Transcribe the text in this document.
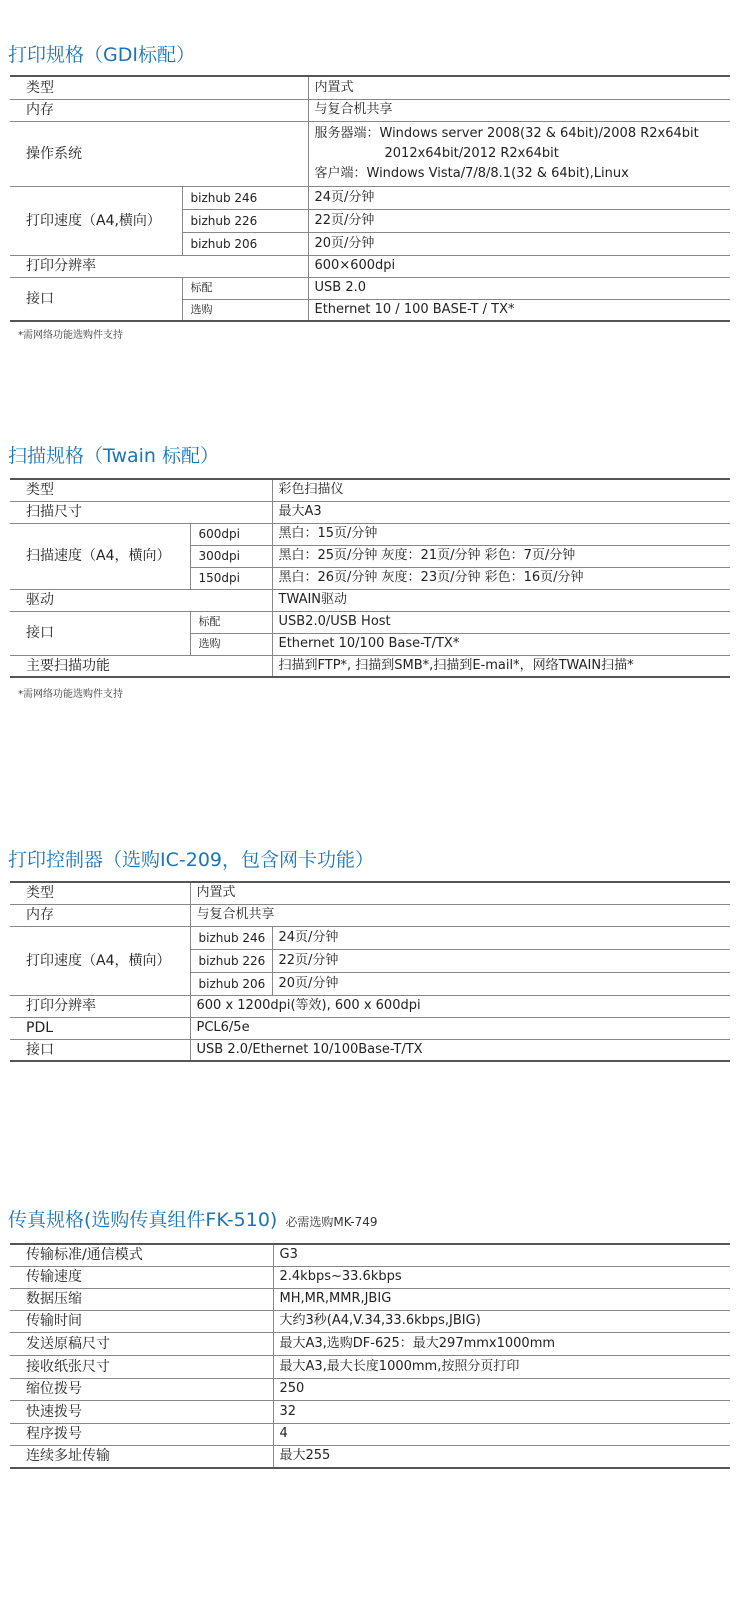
打印规格（GDI标配）
类型		内置式
内存		与复合机共享
操作系统		服务器端：Windows server 2008(32 & 64bit)/2008 R2x64bit
2012x64bit/2012 R2x64bit
客户端：Windows Vista/7/8/8.1(32 & 64bit),Linux

打印速度（A4,横向）	bizhub 246	24页/分钟
	bizhub 226	22页/分钟
	bizhub 206	20页/分钟
打印分辨率		600×600dpi
接口	标配	USB 2.0
	选购	Ethernet 10 / 100 BASE-T / TX*
*需网络功能选购件支持
扫描规格（Twain 标配）
类型		彩色扫描仪
扫描尺寸		最大A3
扫描速度（A4，横向）	600dpi	黑白：15页/分钟
	300dpi	黑白：25页/分钟 灰度：21页/分钟 彩色：7页/分钟
	150dpi	黑白：26页/分钟 灰度：23页/分钟 彩色：16页/分钟
驱动		TWAIN驱动
接口	标配	USB2.0/USB Host
	选购	Ethernet 10/100 Base-T/TX*
主要扫描功能		扫描到FTP*, 扫描到SMB*,扫描到E-mail*，网络TWAIN扫描*
*需网络功能选购件支持
打印控制器（选购IC-209，包含网卡功能）
类型	内置式	
内存	与复合机共享	
打印速度（A4，横向）	bizhub 246	24页/分钟
	bizhub 226	22页/分钟
	bizhub 206	20页/分钟
打印分辨率	600 x 1200dpi(等效), 600 x 600dpi	
PDL	PCL6/5e	
接口	USB 2.0/Ethernet 10/100Base-T/TX	
传真规格(选购传真组件FK-510) 必需选购MK-749
传输标准/通信模式	G3
传输速度	2.4kbps~33.6kbps
数据压缩	MH,MR,MMR,JBIG
传输时间	大约3秒(A4,V.34,33.6kbps,JBIG)
发送原稿尺寸	最大A3,选购DF-625：最大297mmx1000mm
接收纸张尺寸	最大A3,最大长度1000mm,按照分页打印
缩位拨号	250
快速拨号	32
程序拨号	4
连续多址传输	最大255
